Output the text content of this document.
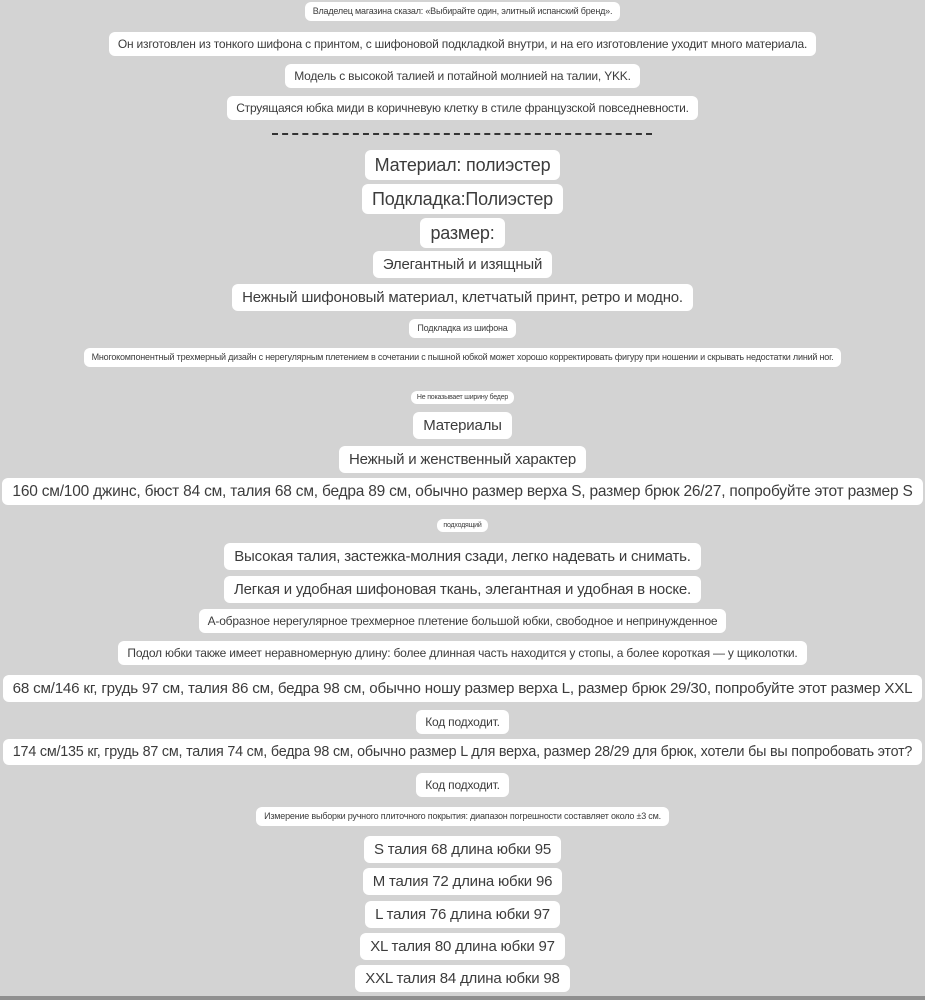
Владелец магазина сказал: «Выбирайте один, элитный испанский бренд».
Он изготовлен из тонкого шифона с принтом, с шифоновой подкладкой внутри, и на его изготовление уходит много материала.
Модель с высокой талией и потайной молнией на талии, YKK.
Струящаяся юбка миди в коричневую клетку в стиле французской повседневности.
Материал: полиэстер
Подкладка:Полиэстер
размер:
Элегантный и изящный
Нежный шифоновый материал, клетчатый принт, ретро и модно.
Подкладка из шифона
Многокомпонентный трехмерный дизайн с нерегулярным плетением в сочетании с пышной юбкой может хорошо корректировать фигуру при ношении и скрывать недостатки линий ног.
Не показывает ширину бедер
Материалы
Нежный и женственный характер
160 см/100 джинс, бюст 84 см, талия 68 см, бедра 89 см, обычно размер верха S, размер брюк 26/27, попробуйте этот размер S
подходящий
Высокая талия, застежка-молния сзади, легко надевать и снимать.
Легкая и удобная шифоновая ткань, элегантная и удобная в носке.
А-образное нерегулярное трехмерное плетение большой юбки, свободное и непринужденное
Подол юбки также имеет неравномерную длину: более длинная часть находится у стопы, а более короткая — у щиколотки.
68 см/146 кг, грудь 97 см, талия 86 см, бедра 98 см, обычно ношу размер верха L, размер брюк 29/30, попробуйте этот размер XXL
Код подходит.
174 см/135 кг, грудь 87 см, талия 74 см, бедра 98 см, обычно размер L для верха, размер 28/29 для брюк, хотели бы вы попробовать этот?
Код подходит.
Измерение выборки ручного плиточного покрытия: диапазон погрешности составляет около ±3 см.
S талия 68 длина юбки 95
M талия 72 длина юбки 96
L талия 76 длина юбки 97
XL талия 80 длина юбки 97
XXL талия 84 длина юбки 98
